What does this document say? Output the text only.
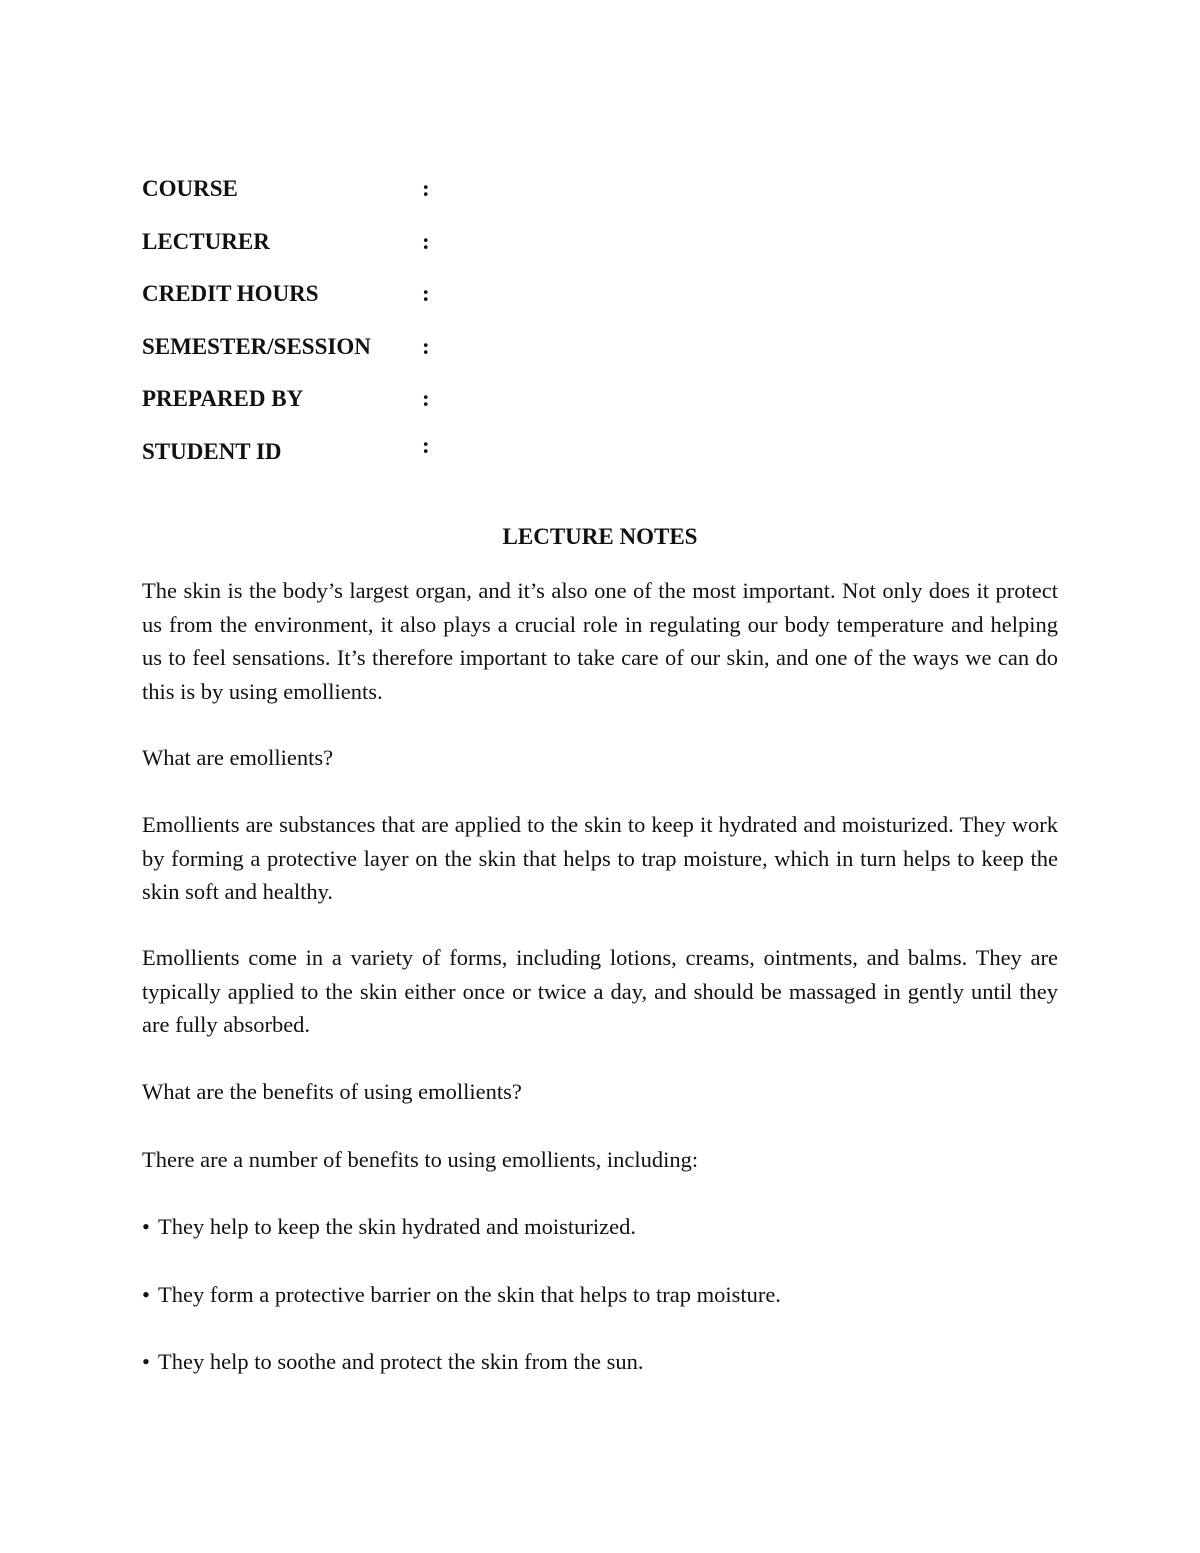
COURSE	:
LECTURER	:
CREDIT HOURS	:
SEMESTER/SESSION :
PREPARED BY	:
STUDENT ID	:
LECTURE NOTES

The skin is the body’s largest organ, and it’s also one of the most important. Not only does it protect us from the environment, it also plays a crucial role in regulating our body temperature and helping us to feel sensations. It’s therefore important to take care of our skin, and one of the ways we can do this is by using emollients.

What are emollients?

Emollients are substances that are applied to the skin to keep it hydrated and moisturized. They work by forming a protective layer on the skin that helps to trap moisture, which in turn helps to keep the skin soft and healthy.

Emollients come in a variety of forms, including lotions, creams, ointments, and balms. They are typically applied to the skin either once or twice a day, and should be massaged in gently until they are fully absorbed.

What are the benefits of using emollients?

There are a number of benefits to using emollients, including:

• They help to keep the skin hydrated and moisturized.

• They form a protective barrier on the skin that helps to trap moisture.

• They help to soothe and protect the skin from the sun.
